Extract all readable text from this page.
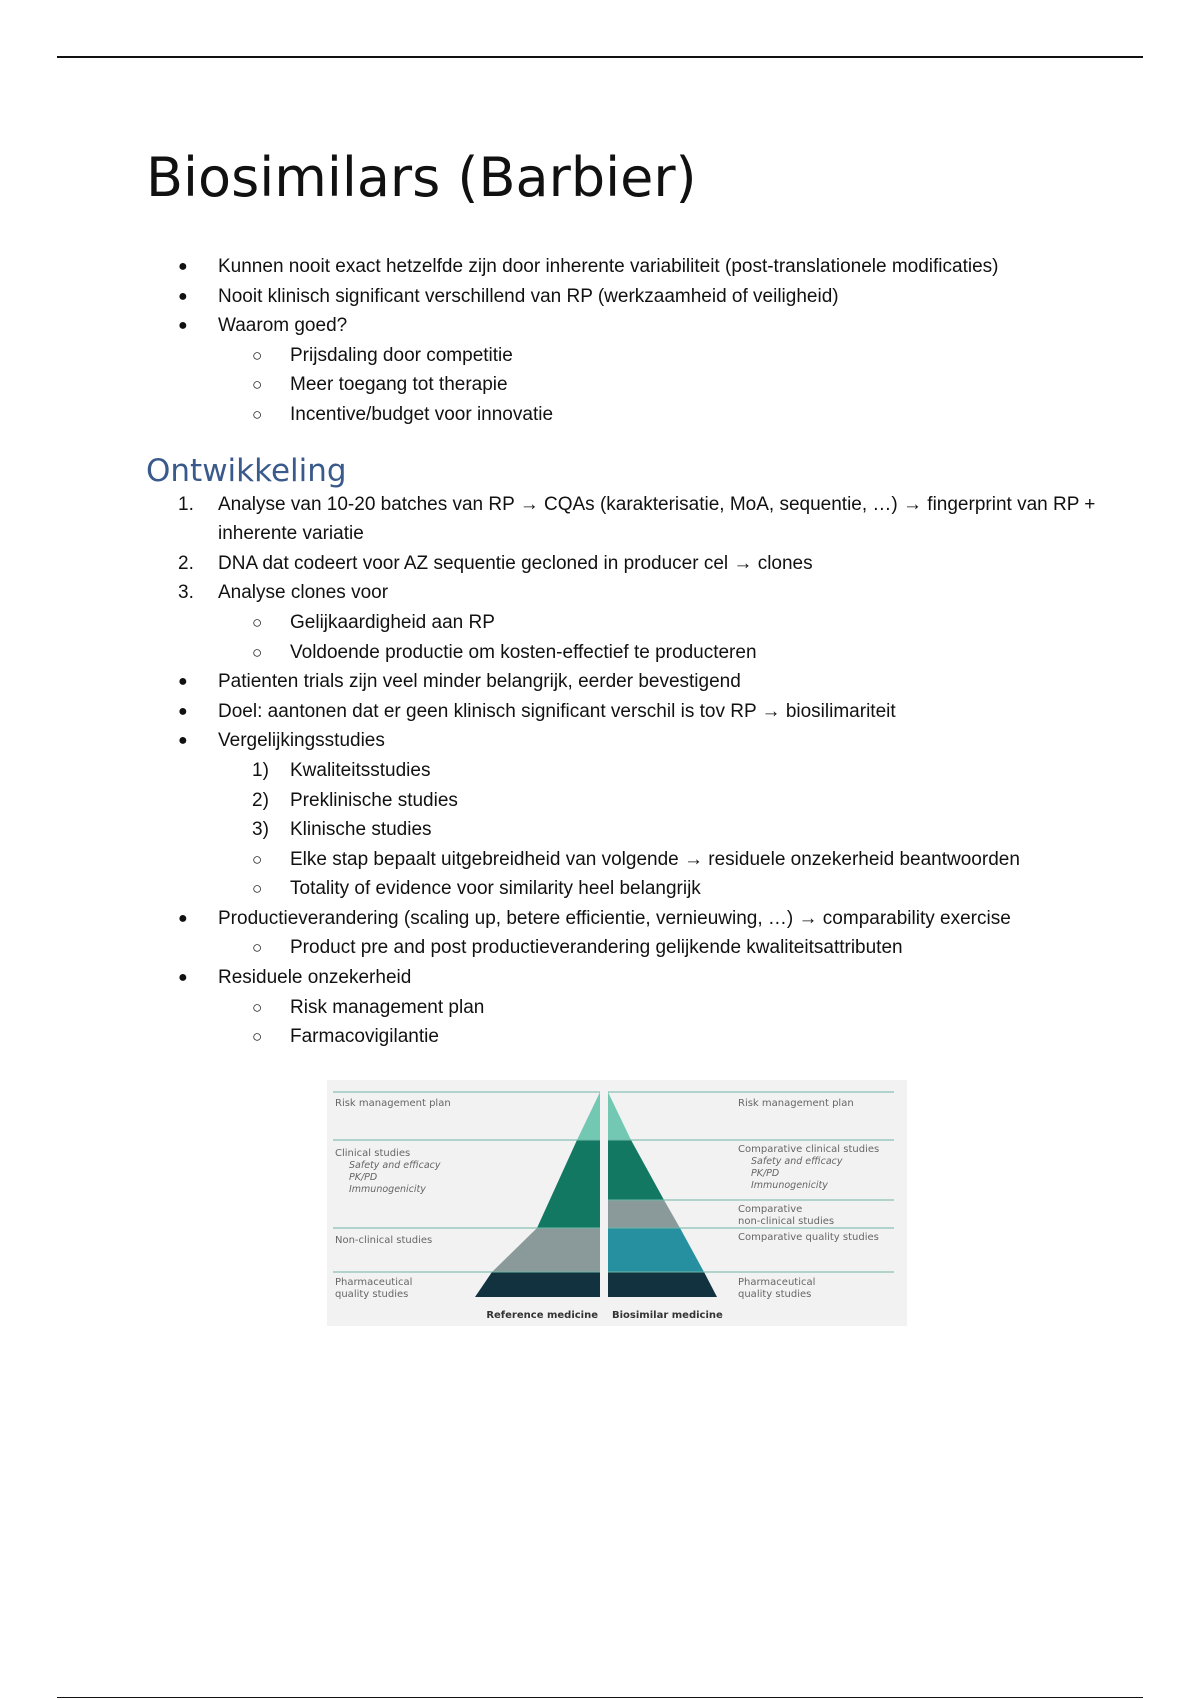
Biosimilars (Barbier)
● Kunnen nooit exact hetzelfde zijn door inherente variabiliteit (post-translationele modificaties)
● Nooit klinisch significant verschillend van RP (werkzaamheid of veiligheid)
● Waarom goed?
○ Prijsdaling door competitie
○ Meer toegang tot therapie
○ Incentive/budget voor innovatie
Ontwikkeling
1. Analyse van 10-20 batches van RP → CQAs (karakterisatie, MoA, sequentie, …) → fingerprint van RP + inherente variatie
2. DNA dat codeert voor AZ sequentie gecloned in producer cel → clones
3. Analyse clones voor
○ Gelijkaardigheid aan RP
○ Voldoende productie om kosten-effectief te producteren
● Patienten trials zijn veel minder belangrijk, eerder bevestigend
● Doel: aantonen dat er geen klinisch significant verschil is tov RP → biosilimariteit
● Vergelijkingsstudies
1) Kwaliteitsstudies
2) Preklinische studies
3) Klinische studies
○ Elke stap bepaalt uitgebreidheid van volgende → residuele onzekerheid beantwoorden
○ Totality of evidence voor similarity heel belangrijk
● Productieverandering (scaling up, betere efficientie, vernieuwing, …) → comparability exercise
○ Product pre and post productieverandering gelijkende kwaliteitsattributen
● Residuele onzekerheid
○ Risk management plan
○ Farmacovigilantie
Risk management plan
Clinical studies
Safety and efficacy
PK/PD
Immunogenicity
Non-clinical studies
Pharmaceutical
quality studies
Risk management plan
Comparative clinical studies
Safety and efficacy
PK/PD
Immunogenicity
Comparative
non-clinical studies
Comparative quality studies
Pharmaceutical
quality studies
Reference medicine Biosimilar medicine
